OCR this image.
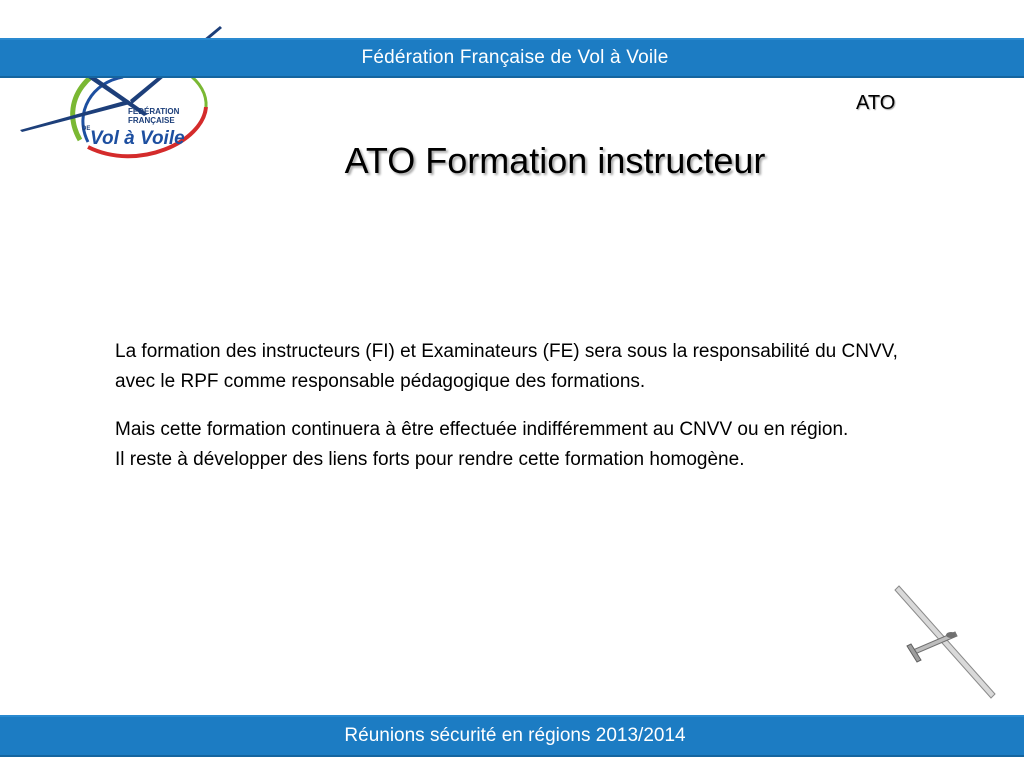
FÉDÉRATION
FRANÇAISE
DE Vol à Voile
Fédération Française de Vol à Voile
ATO
ATO Formation instructeur

La formation des instructeurs (FI) et Examinateurs (FE) sera sous la responsabilité du CNVV, avec le RPF comme responsable pédagogique des formations.

Mais cette formation continuera à être effectuée indifféremment au CNVV ou en région.

Il reste à développer des liens forts pour rendre cette formation homogène.

Réunions sécurité en régions 2013/2014
